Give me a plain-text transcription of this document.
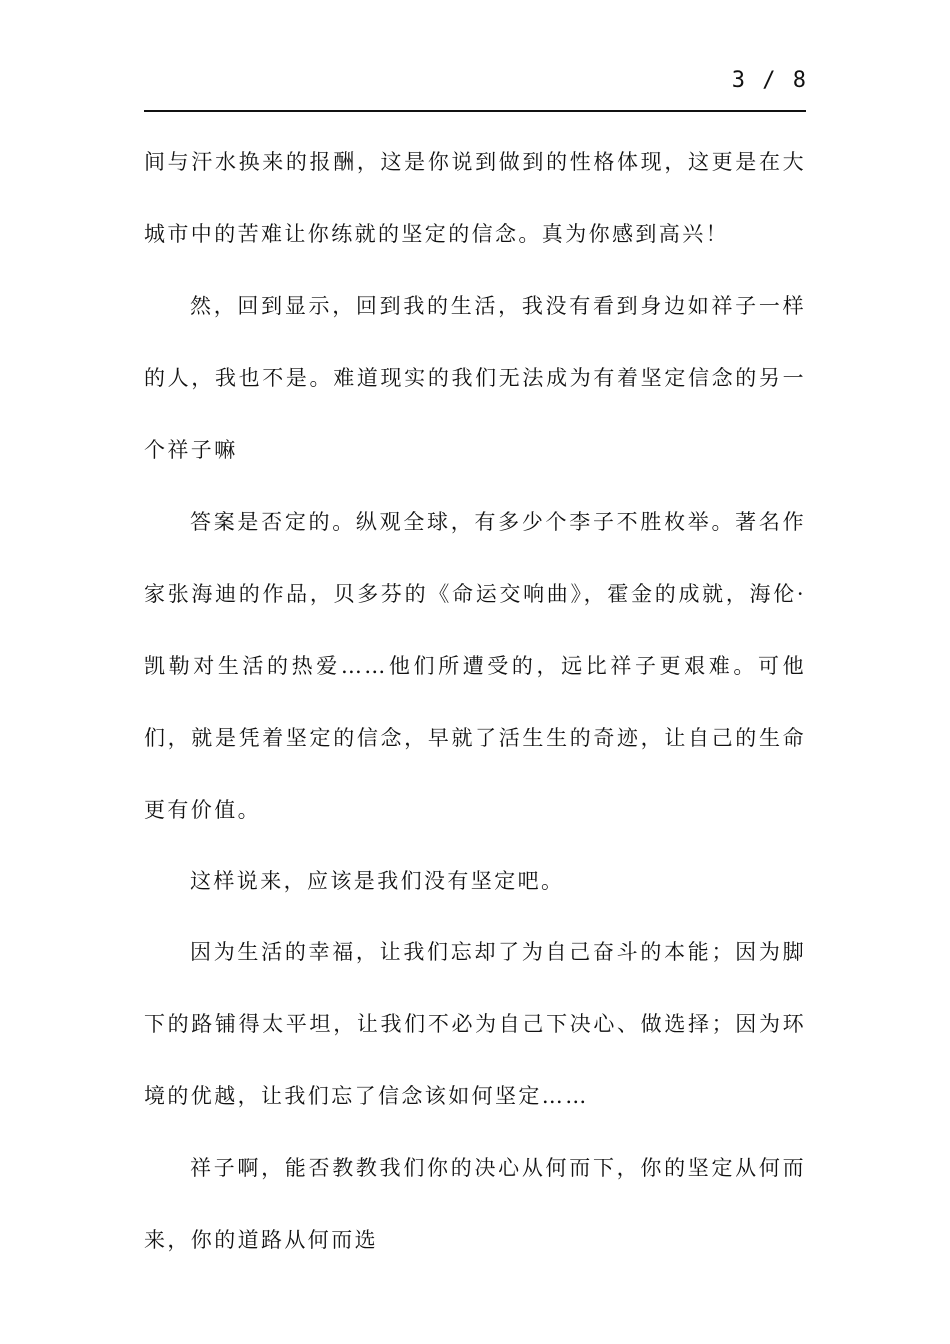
3 / 8

间与汗水换来的报酬，这是你说到做到的性格体现，这更是在大城市中的苦难让你练就的坚定的信念。真为你感到高兴！

然，回到显示，回到我的生活，我没有看到身边如祥子一样的人，我也不是。难道现实的我们无法成为有着坚定信念的另一个祥子嘛

答案是否定的。纵观全球，有多少个李子不胜枚举。著名作家张海迪的作品，贝多芬的《命运交响曲》，霍金的成就，海伦·凯勒对生活的热爱……他们所遭受的，远比祥子更艰难。可他们，就是凭着坚定的信念，早就了活生生的奇迹，让自己的生命更有价值。

这样说来，应该是我们没有坚定吧。

因为生活的幸福，让我们忘却了为自己奋斗的本能；因为脚下的路铺得太平坦，让我们不必为自己下决心、做选择；因为环境的优越，让我们忘了信念该如何坚定……

祥子啊，能否教教我们你的决心从何而下，你的坚定从何而来，你的道路从何而选
